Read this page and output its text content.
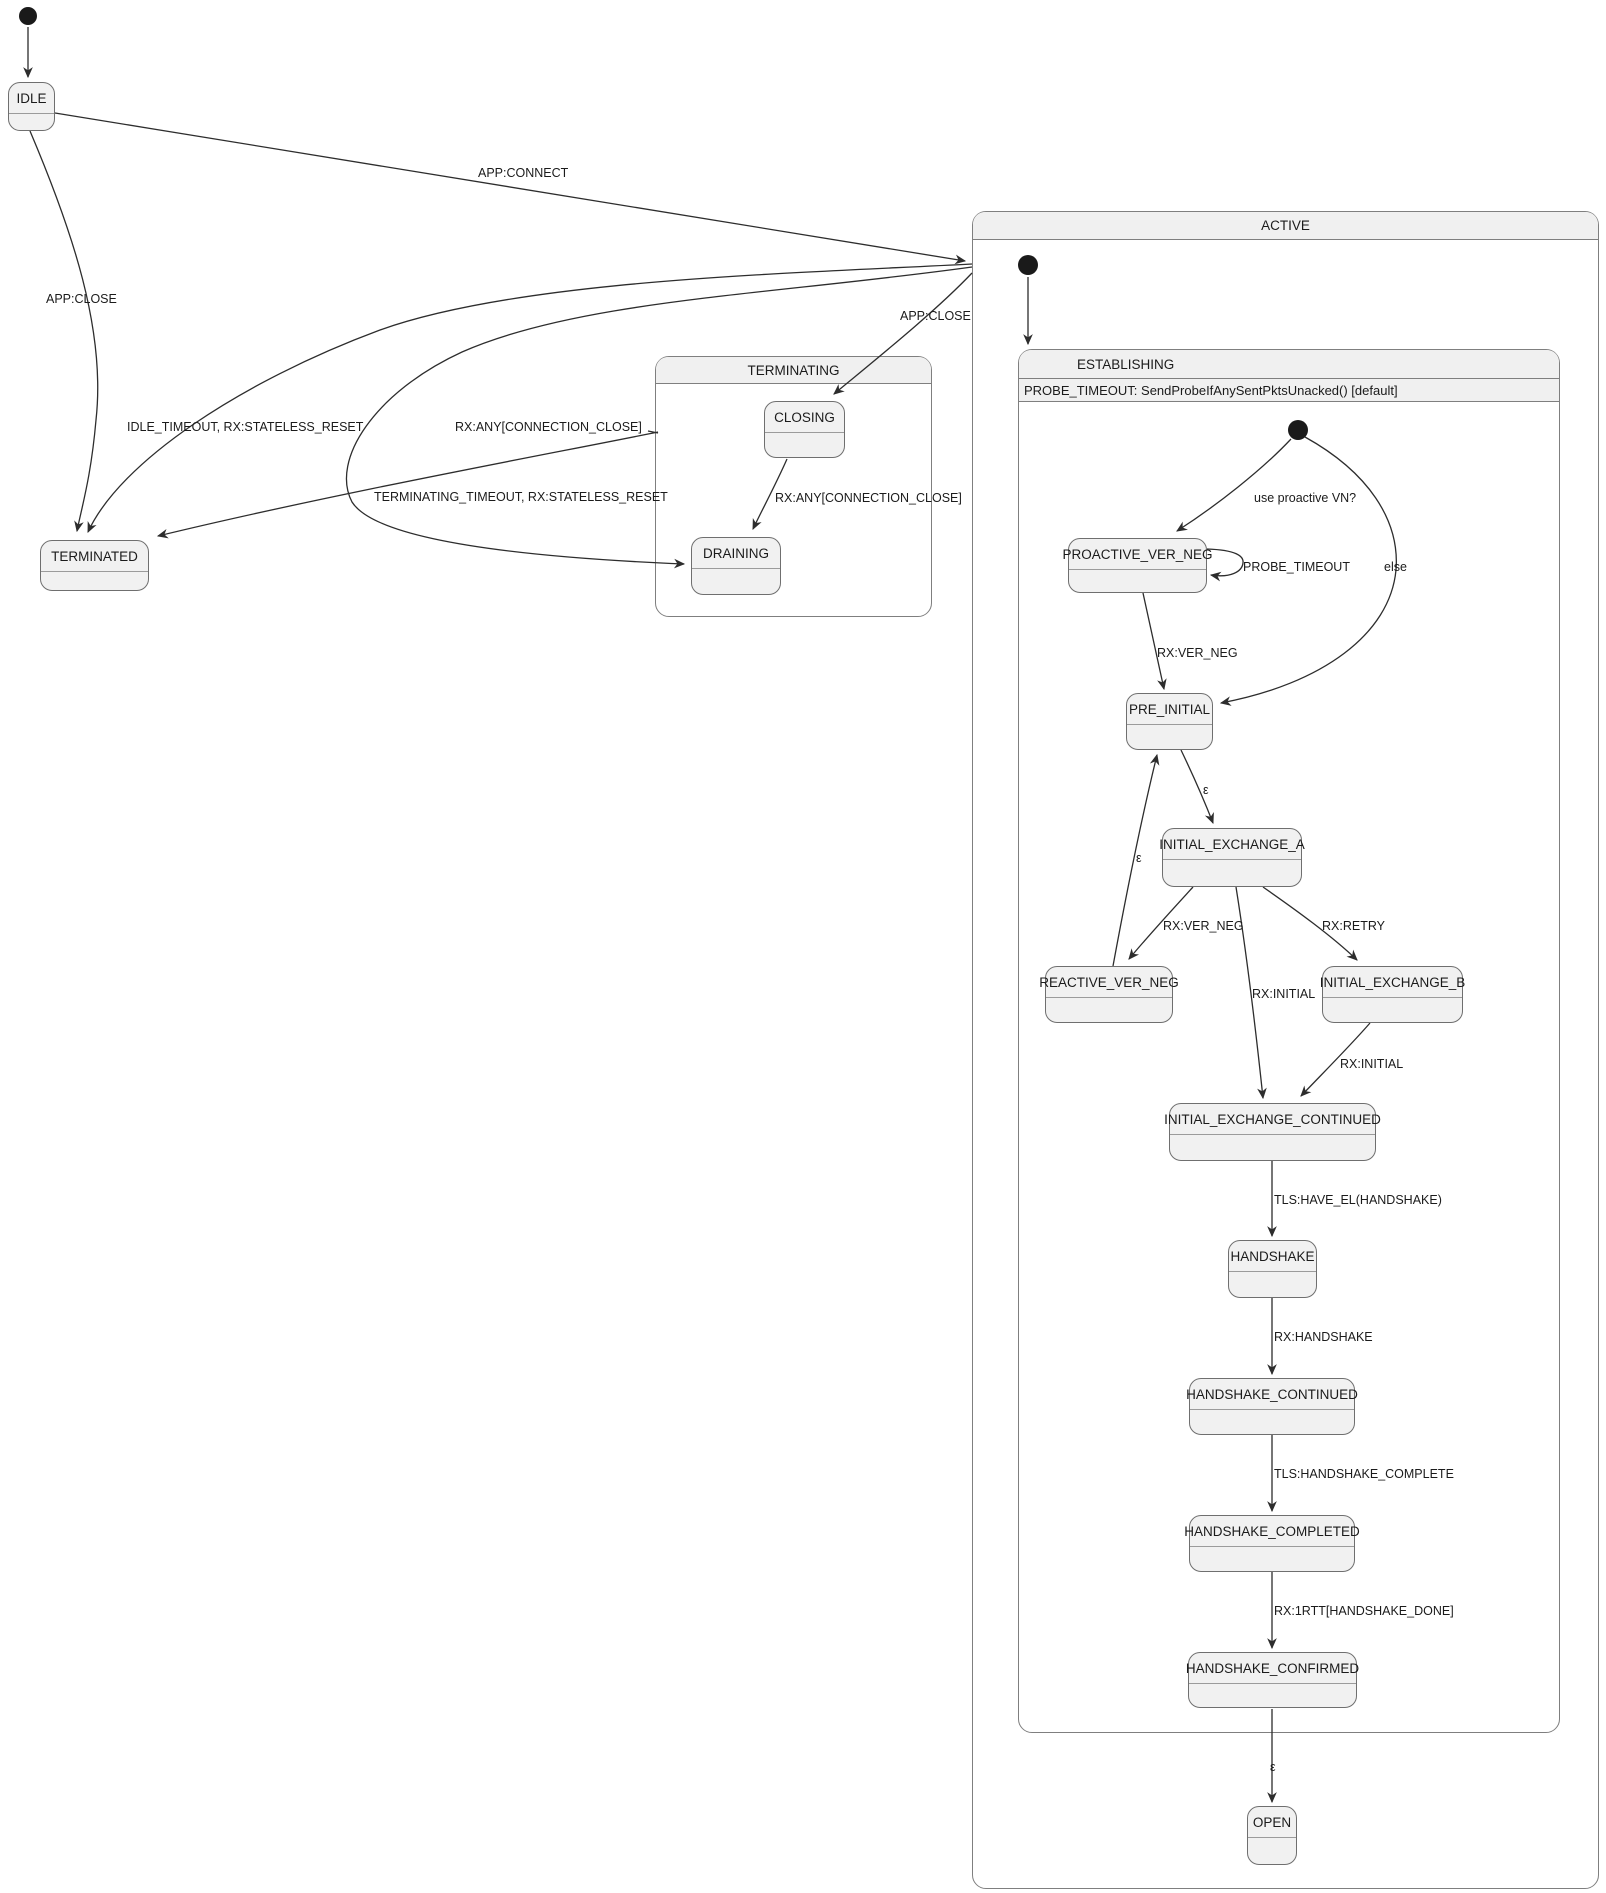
ACTIVE
TERMINATING	ESTABLISHING
PROBE_TIMEOUT: SendProbeIfAnySentPktsUnacked() [default]
IDLE
TERMINATED
CLOSING
DRAINING	PROACTIVE_VER_NEG
PRE_INITIAL
INITIAL_EXCHANGE_A
REACTIVE_VER_NEG	INITIAL_EXCHANGE_B
INITIAL_EXCHANGE_CONTINUED
HANDSHAKE
HANDSHAKE_CONTINUED
HANDSHAKE_COMPLETED
HANDSHAKE_CONFIRMED
OPEN
APP:CONNECT
APP:CLOSE
IDLE_TIMEOUT, RX:STATELESS_RESET	RX:ANY[CONNECTION_CLOSE]
TERMINATING_TIMEOUT, RX:STATELESS_RESET
APP:CLOSE
RX:ANY[CONNECTION_CLOSE]	use proactive VN?
PROBE_TIMEOUT	else
RX:VER_NEG
ε
ε
RX:VER_NEG	RX:RETRY
RX:INITIAL
RX:INITIAL
TLS:HAVE_EL(HANDSHAKE)
RX:HANDSHAKE
TLS:HANDSHAKE_COMPLETE
RX:1RTT[HANDSHAKE_DONE]
ε
